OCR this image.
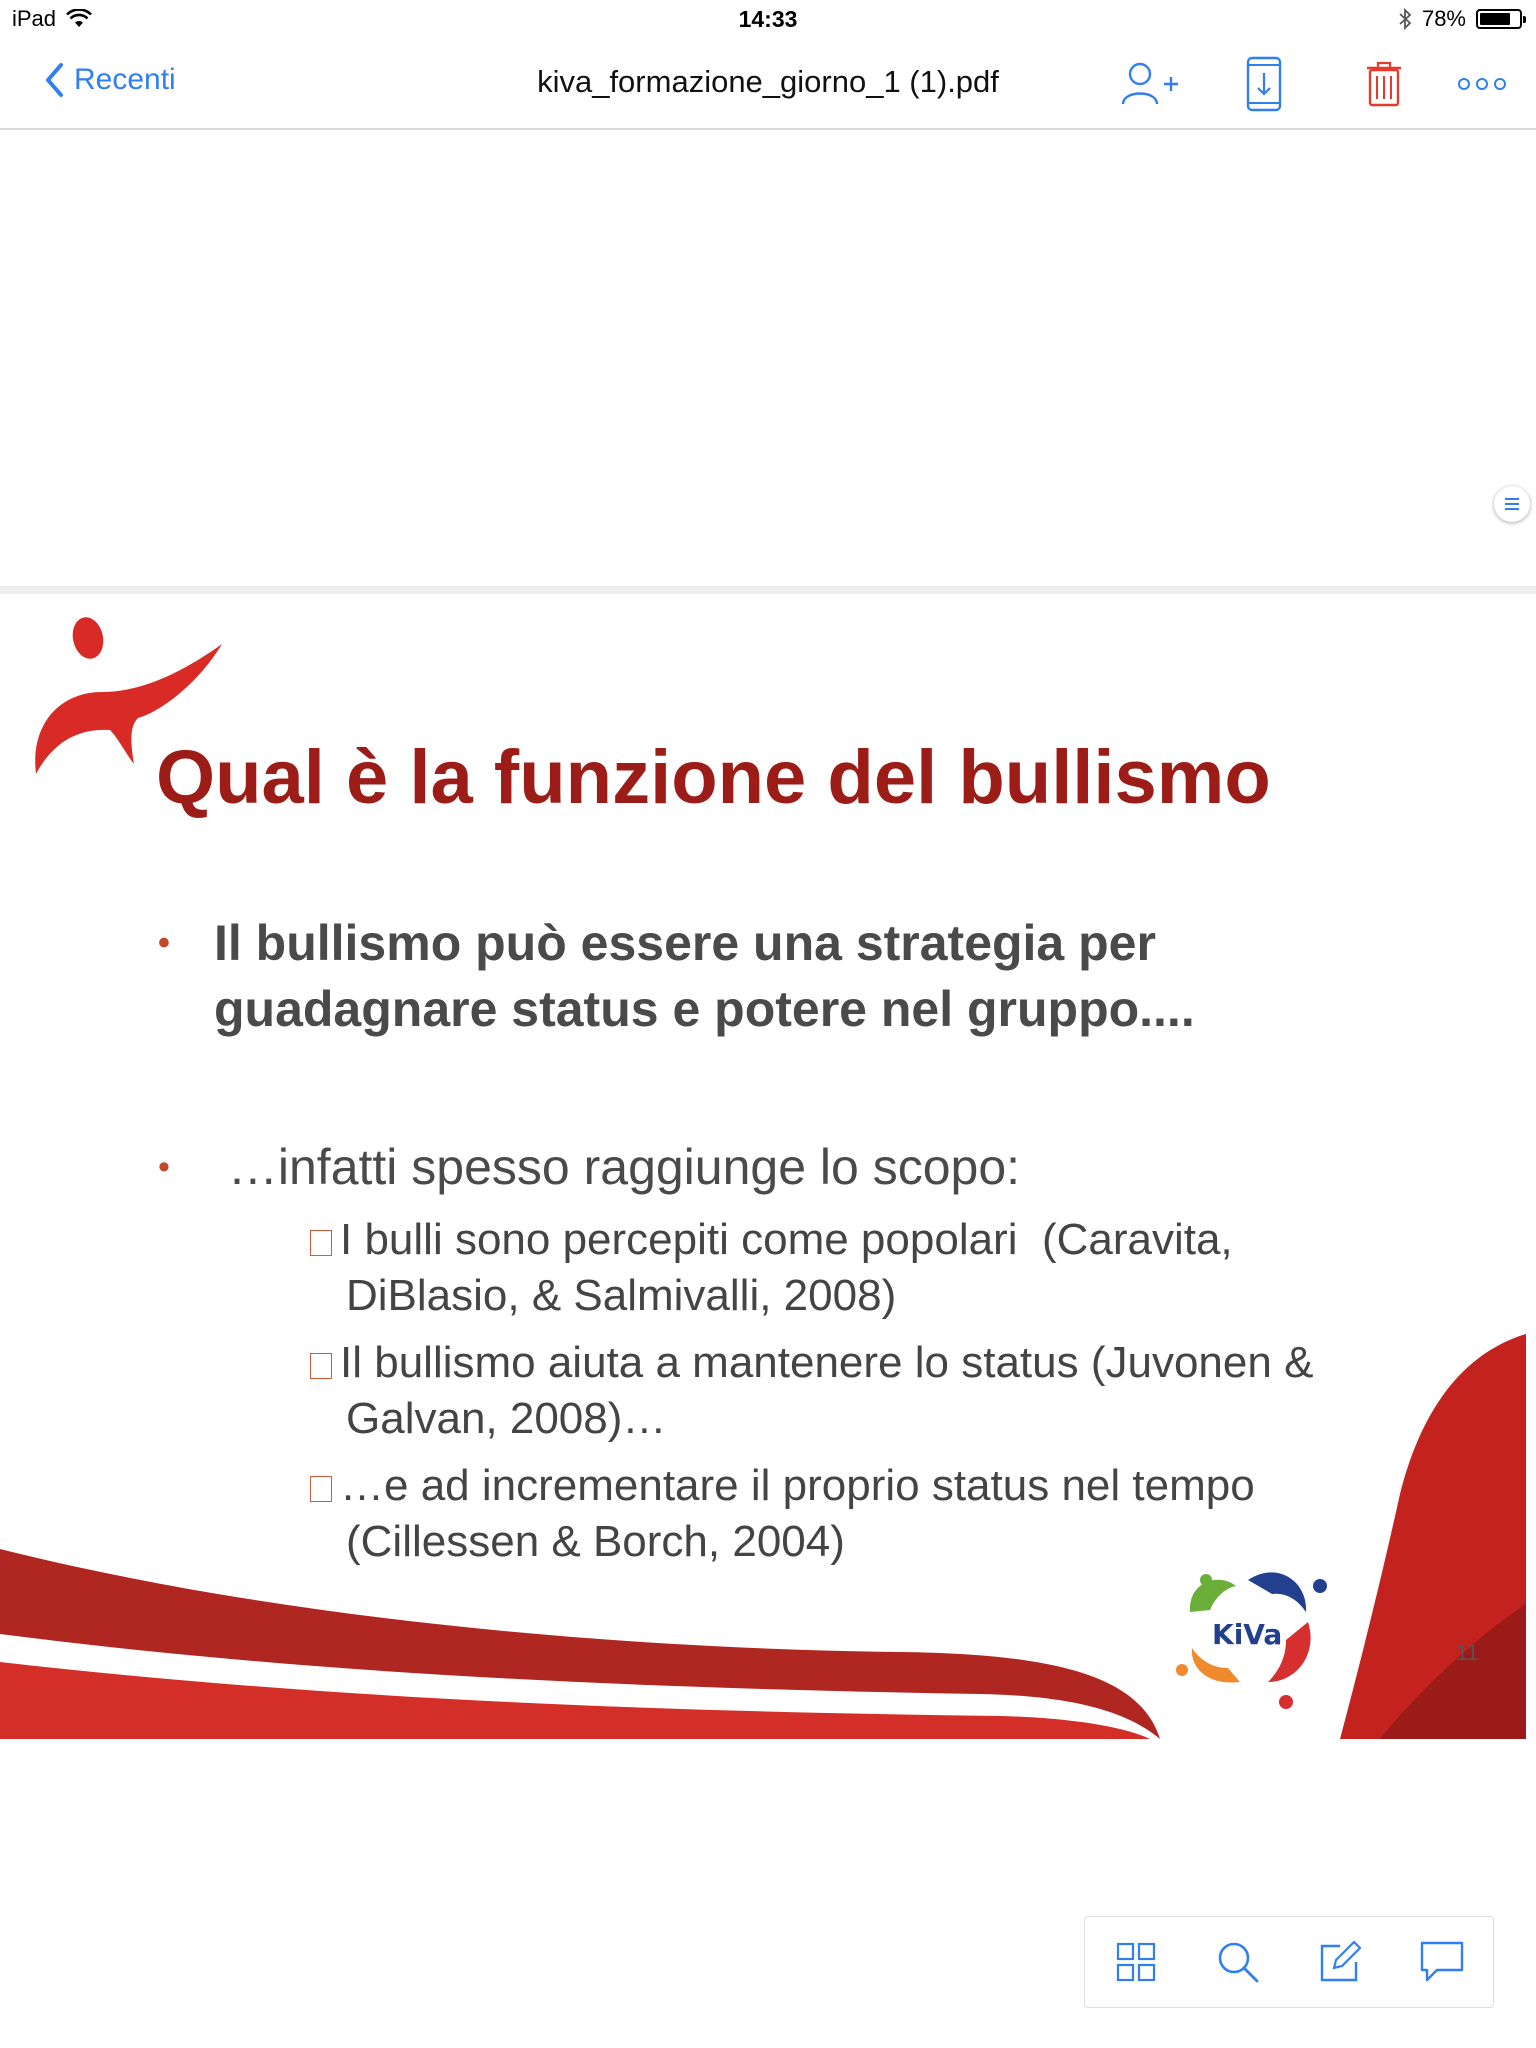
iPad	14:33	78%
Recenti	kiva_formazione_giorno_1 (1).pdf
Qual è la funzione del bullismo
• Il bullismo può essere una strategia per guadagnare status e potere nel gruppo....
• …infatti spesso raggiunge lo scopo:
I bulli sono percepiti come popolari  (Caravita,
DiBlasio, & Salmivalli, 2008)
Il bullismo aiuta a mantenere lo status (Juvonen &
Galvan, 2008)…
…e ad incrementare il proprio status nel tempo
(Cillessen & Borch, 2004)
KiVa
11
